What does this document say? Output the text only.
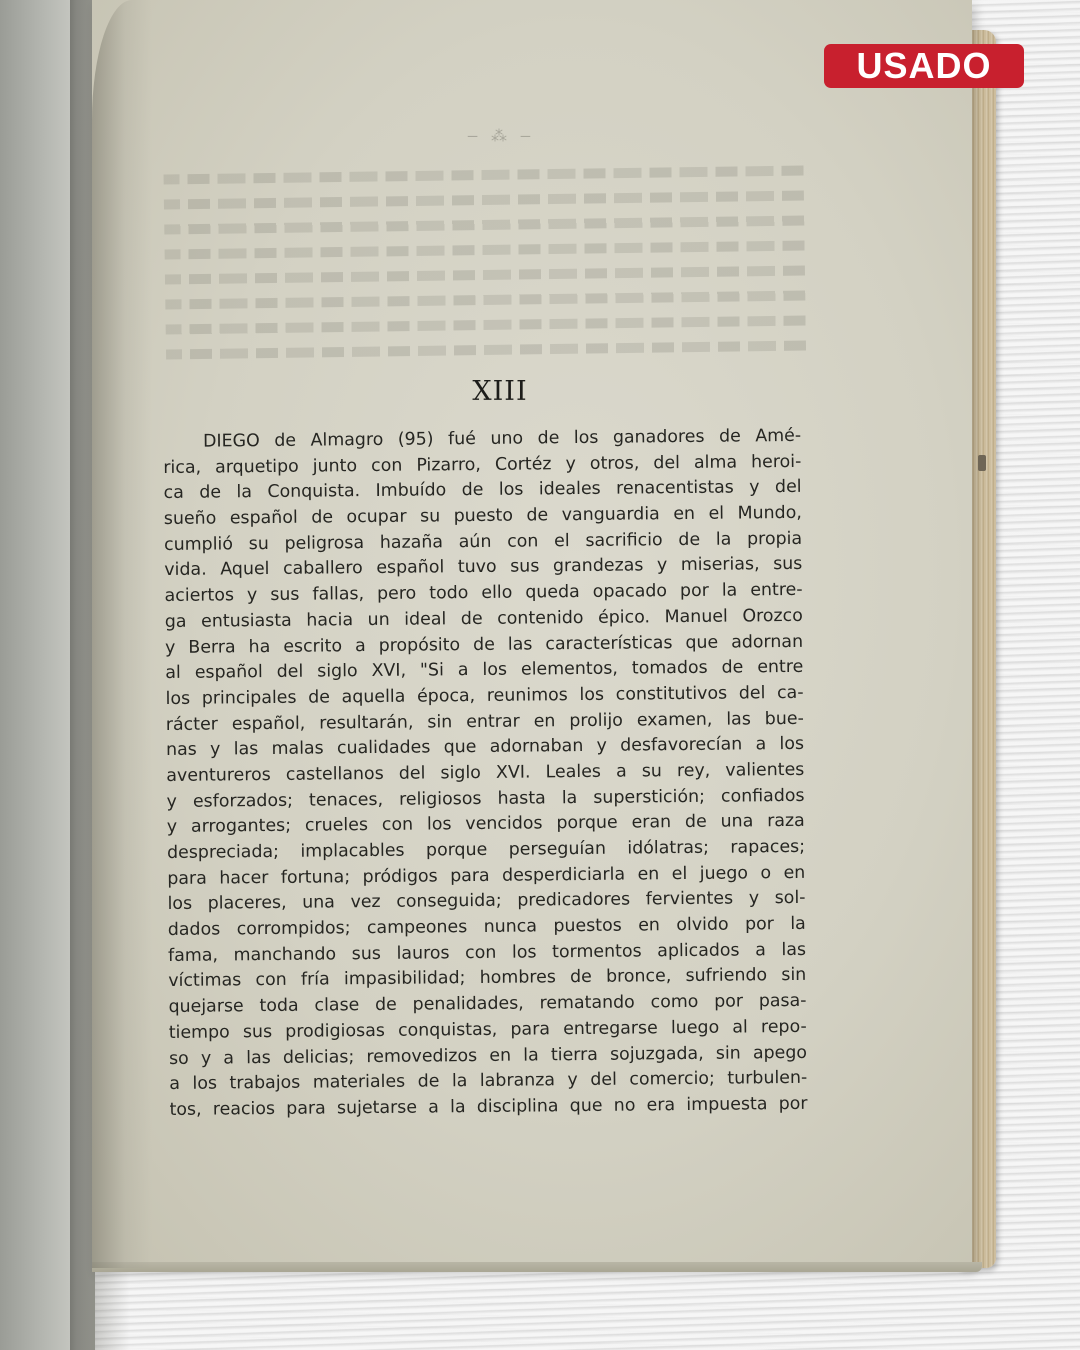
— ⁂ —
XIII
DIEGO de Almagro (95) fué uno de los ganadores de Amé-
rica, arquetipo junto con Pizarro, Cortéz y otros, del alma heroi-
ca de la Conquista. Imbuído de los ideales renacentistas y del
sueño español de ocupar su puesto de vanguardia en el Mundo,
cumplió su peligrosa hazaña aún con el sacrificio de la propia
vida. Aquel caballero español tuvo sus grandezas y miserias, sus
aciertos y sus fallas, pero todo ello queda opacado por la entre-
ga entusiasta hacia un ideal de contenido épico. Manuel Orozco
y Berra ha escrito a propósito de las características que adornan
al español del siglo XVI, "Si a los elementos, tomados de entre
los principales de aquella época, reunimos los constitutivos del ca-
rácter español, resultarán, sin entrar en prolijo examen, las bue-
nas y las malas cualidades que adornaban y desfavorecían a los
aventureros castellanos del siglo XVI. Leales a su rey, valientes
y esforzados; tenaces, religiosos hasta la superstición; confiados
y arrogantes; crueles con los vencidos porque eran de una raza
despreciada; implacables porque perseguían idólatras; rapaces;
para hacer fortuna; pródigos para desperdiciarla en el juego o en
los placeres, una vez conseguida; predicadores fervientes y sol-
dados corrompidos; campeones nunca puestos en olvido por la
fama, manchando sus lauros con los tormentos aplicados a las
víctimas con fría impasibilidad; hombres de bronce, sufriendo sin
quejarse toda clase de penalidades, rematando como por pasa-
tiempo sus prodigiosas conquistas, para entregarse luego al repo-
so y a las delicias; removedizos en la tierra sojuzgada, sin apego
a los trabajos materiales de la labranza y del comercio; turbulen-
tos, reacios para sujetarse a la disciplina que no era impuesta por
USADO
